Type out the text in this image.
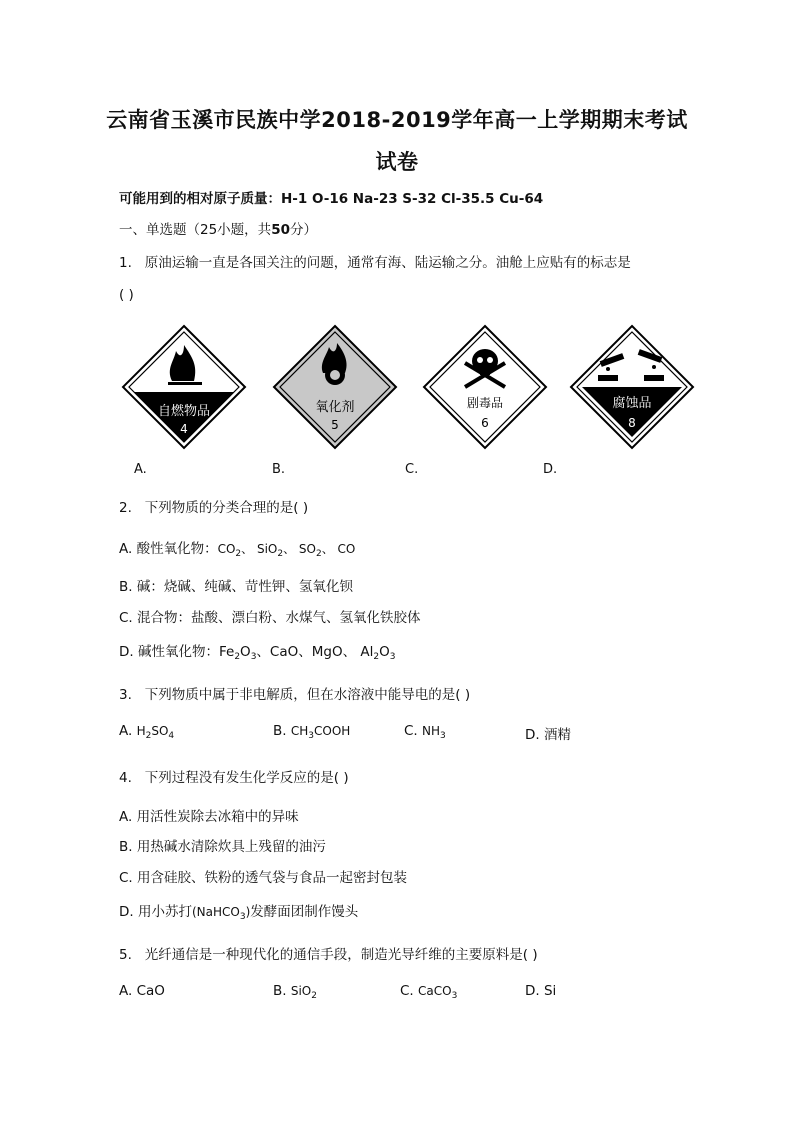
云南省玉溪市民族中学2018-2019学年高一上学期期末考试
试卷
可能用到的相对原子质量：H-1 O-16 Na-23 S-32 Cl-35.5 Cu-64
一、单选题（25小题，共50分）
1. 原油运输一直是各国关注的问题，通常有海、陆运输之分。油舱上应贴有的标志是
( )
自燃物品
4
氧化剂
5
剧毒品
6
腐蚀品
8
A.	B.	C.	D.
2. 下列物质的分类合理的是( )
A. 酸性氧化物：$CO_2$、 SiO$_2$、 $SO_2$、 CO
B. 碱：烧碱、纯碱、苛性钾、氢氧化钡
C. 混合物：盐酸、漂白粉、水煤气、氢氧化铁胶体
D. 碱性氧化物：$Fe_2O_3$、CaO、MgO、 $Al_2O_3$
3. 下列物质中属于非电解质，但在水溶液中能导电的是( )
A. $H_2SO_4$	B. $CH_3COOH$	C. $NH_3$	D. 酒精
4. 下列过程没有发生化学反应的是( )
A. 用活性炭除去冰箱中的异味
B. 用热碱水清除炊具上残留的油污
C. 用含硅胶、铁粉的透气袋与食品一起密封包装
D. 用小苏打(NaHCO$_3$)发酵面团制作馒头
5. 光纤通信是一种现代化的通信手段，制造光导纤维的主要原料是( )
A. CaO	B. SiO$_2$	C. CaCO$_3$	D. Si
